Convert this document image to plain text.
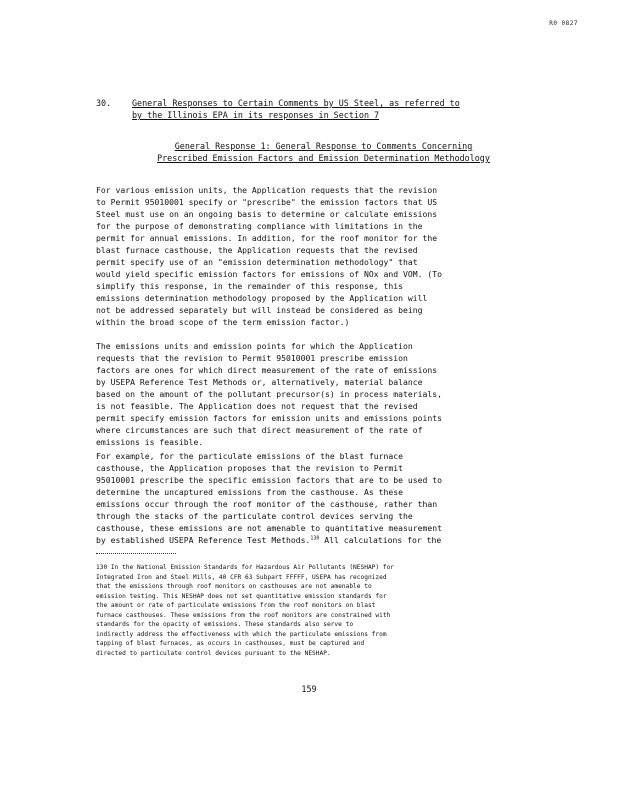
R0 0827
30. General Responses to Certain Comments by US Steel, as referred to
by the Illinois EPA in its responses in Section 7
General Response 1: General Response to Comments Concerning
Prescribed Emission Factors and Emission Determination Methodology
For various emission units, the Application requests that the revision
to Permit 95010001 specify or "prescribe" the emission factors that US
Steel must use on an ongoing basis to determine or calculate emissions
for the purpose of demonstrating compliance with limitations in the
permit for annual emissions. In addition, for the roof monitor for the
blast furnace casthouse, the Application requests that the revised
permit specify use of an "emission determination methodology" that
would yield specific emission factors for emissions of NOx and VOM. (To
simplify this response, in the remainder of this response, this
emissions determination methodology proposed by the Application will
not be addressed separately but will instead be considered as being
within the broad scope of the term emission factor.)
The emissions units and emission points for which the Application
requests that the revision to Permit 95010001 prescribe emission
factors are ones for which direct measurement of the rate of emissions
by USEPA Reference Test Methods or, alternatively, material balance
based on the amount of the pollutant precursor(s) in process materials,
is not feasible. The Application does not request that the revised
permit specify emission factors for emission units and emissions points
where circumstances are such that direct measurement of the rate of
emissions is feasible.
For example, for the particulate emissions of the blast furnace
casthouse, the Application proposes that the revision to Permit
95010001 prescribe the specific emission factors that are to be used to
determine the uncaptured emissions from the casthouse. As these
emissions occur through the roof monitor of the casthouse, rather than
through the stacks of the particulate control devices serving the
casthouse, these emissions are not amenable to quantitative measurement
by established USEPA Reference Test Methods.$^{130}$ All calculations for the
130 In the National Emission Standards for Hazardous Air Pollutants (NESHAP) for
Integrated Iron and Steel Mills, 40 CFR 63 Subpart FFFFF, USEPA has recognized
that the emissions through roof monitors on casthouses are not amenable to
emission testing. This NESHAP does not set quantitative emission standards for
the amount or rate of particulate emissions from the roof monitors on blast
furnace casthouses. These emissions from the roof monitors are constrained with
standards for the opacity of emissions. These standards also serve to
indirectly address the effectiveness with which the particulate emissions from
tapping of blast furnaces, as occurs in casthouses, must be captured and
directed to particulate control devices pursuant to the NESHAP.
159
